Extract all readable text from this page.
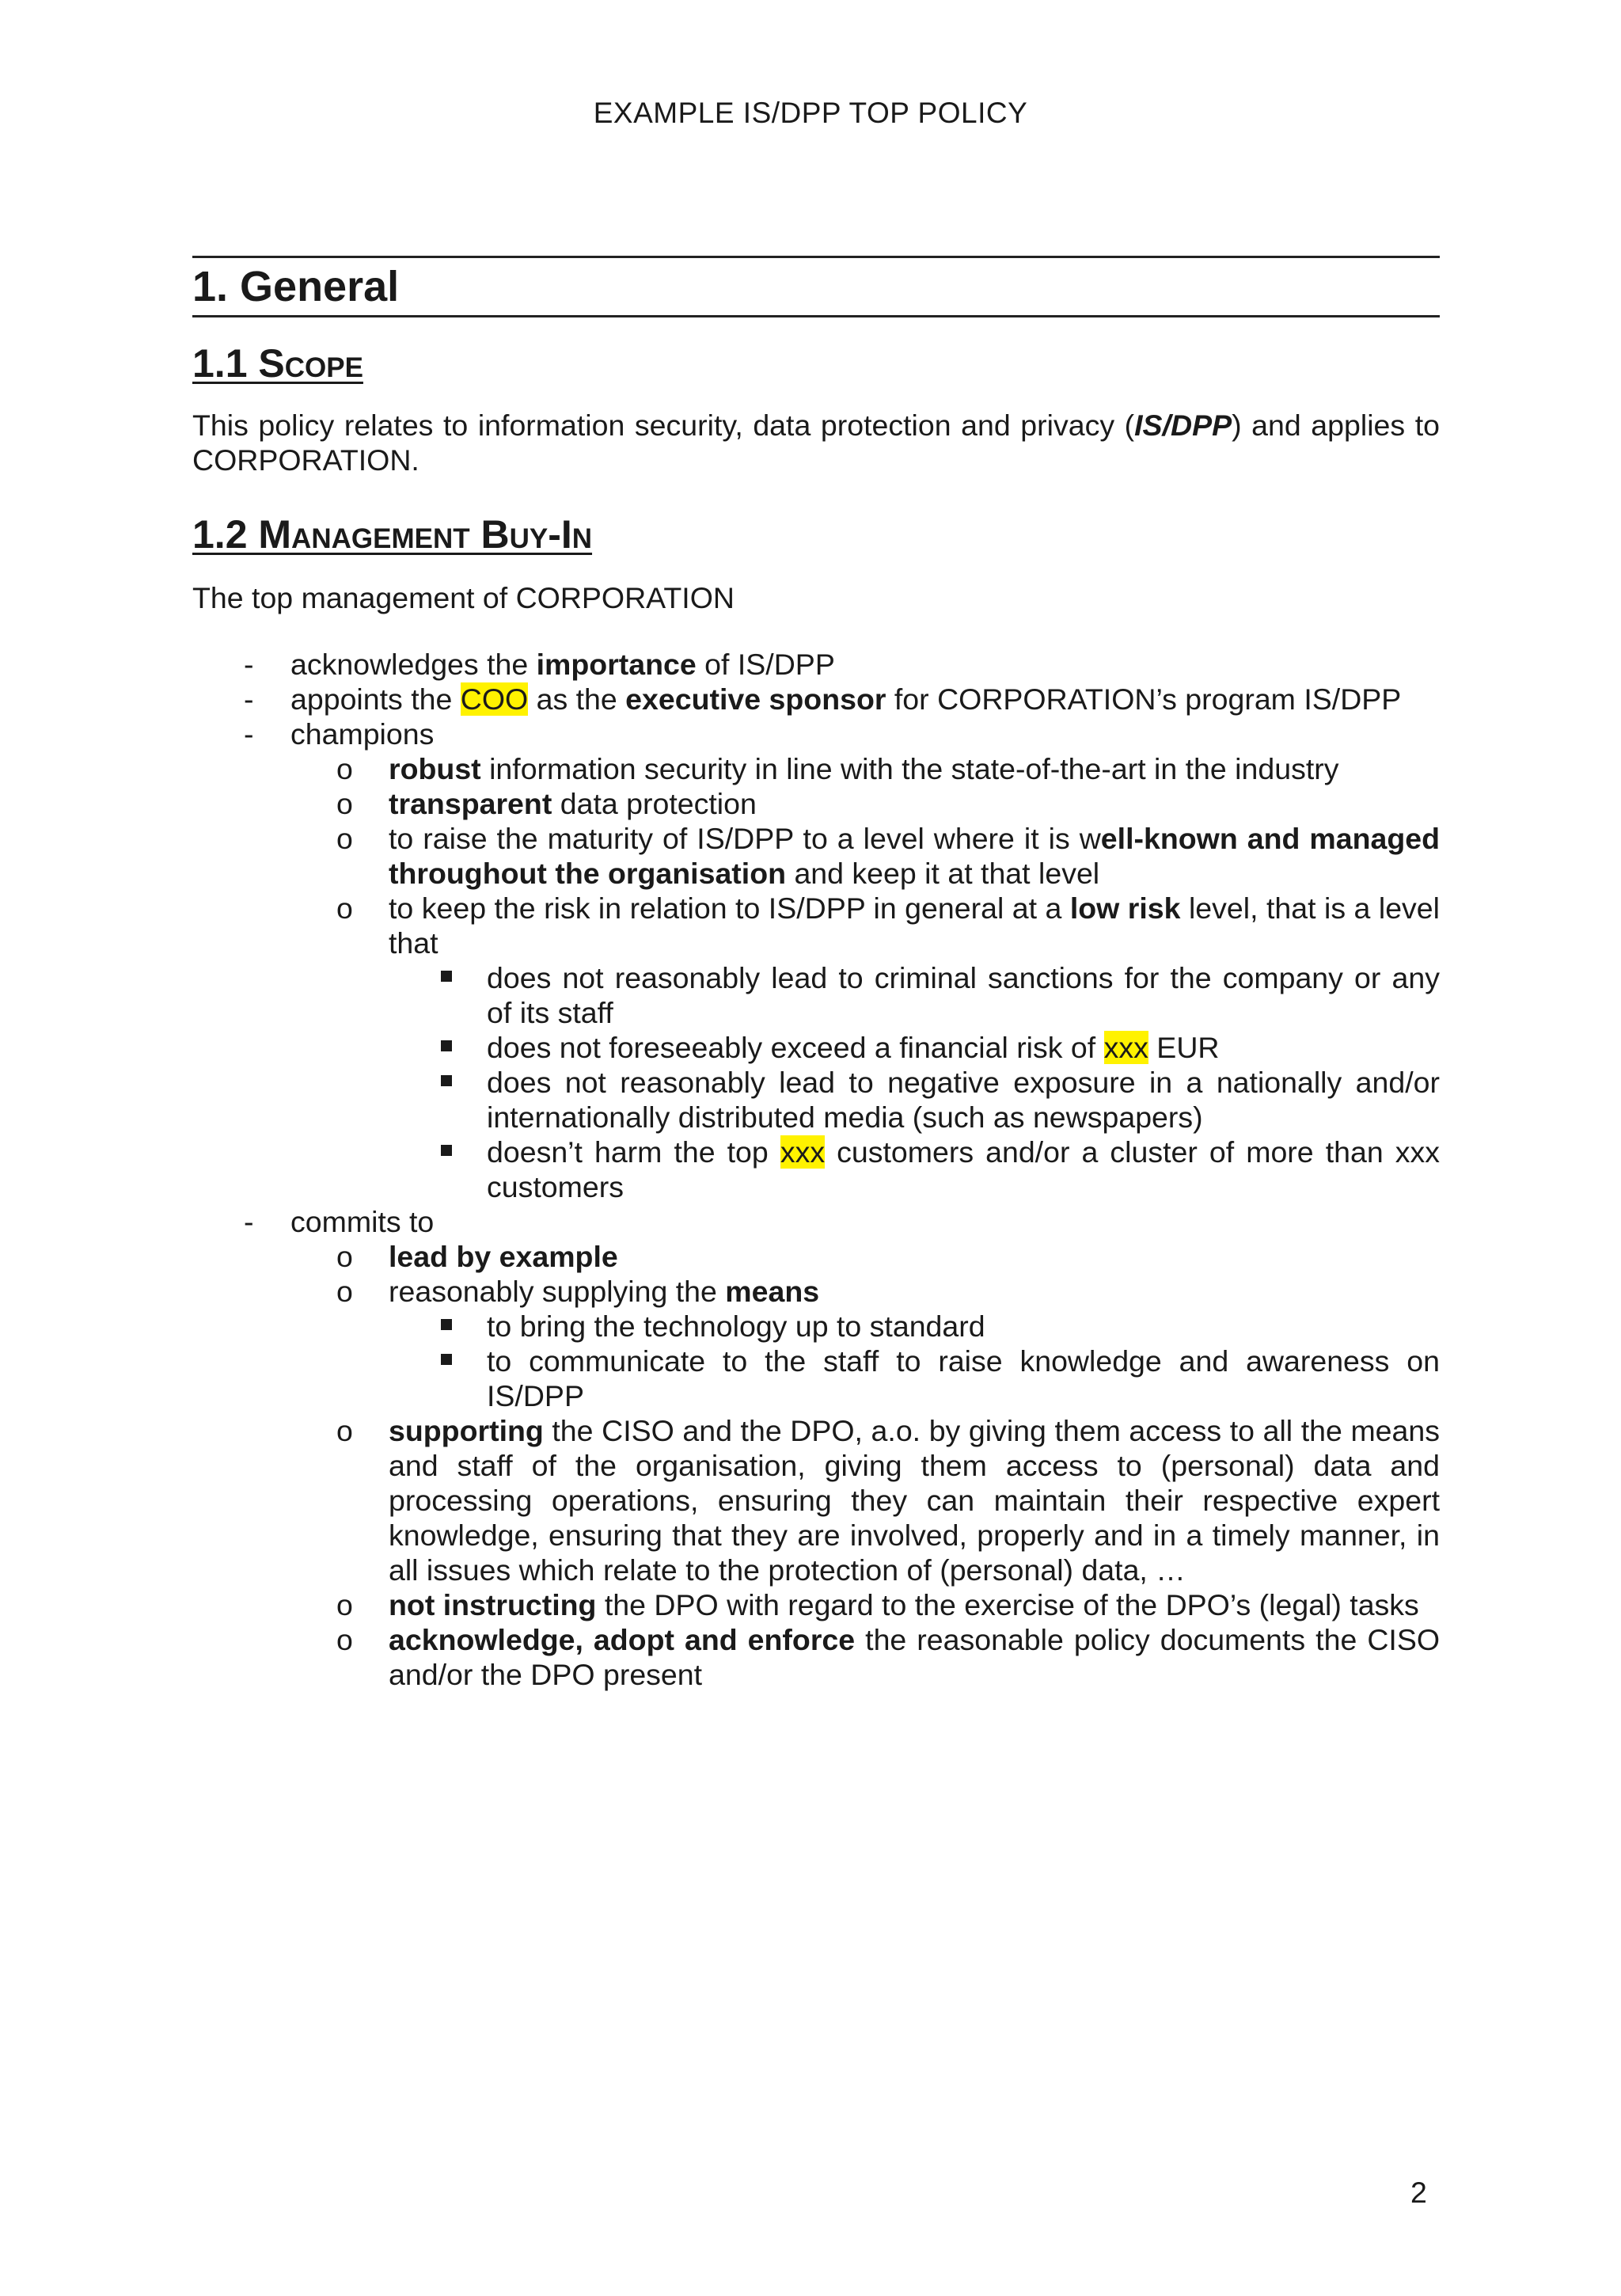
EXAMPLE IS/DPP TOP POLICY
1. General
1.1 Scope

This policy relates to information security, data protection and privacy (IS/DPP) and applies to CORPORATION.

1.2 Management Buy-In

The top management of CORPORATION

- acknowledges the importance of IS/DPP
- appoints the COO as the executive sponsor for CORPORATION’s program IS/DPP
- champions
o robust information security in line with the state-of-the-art in the industry
o transparent data protection
o to raise the maturity of IS/DPP to a level where it is well-known and managed throughout the organisation and keep it at that level
o to keep the risk in relation to IS/DPP in general at a low risk level, that is a level that
does not reasonably lead to criminal sanctions for the company or any of its staff
does not foreseeably exceed a financial risk of xxx EUR
does not reasonably lead to negative exposure in a nationally and/or internationally distributed media (such as newspapers)
doesn’t harm the top xxx customers and/or a cluster of more than xxx customers
- commits to
o lead by example
o reasonably supplying the means
to bring the technology up to standard
to communicate to the staff to raise knowledge and awareness on IS/DPP
o supporting the CISO and the DPO, a.o. by giving them access to all the means and staff of the organisation, giving them access to (personal) data and processing operations, ensuring they can maintain their respective expert knowledge, ensuring that they are involved, properly and in a timely manner, in all issues which relate to the protection of (personal) data, …
o not instructing the DPO with regard to the exercise of the DPO’s (legal) tasks
o acknowledge, adopt and enforce the reasonable policy documents the CISO and/or the DPO present
2
